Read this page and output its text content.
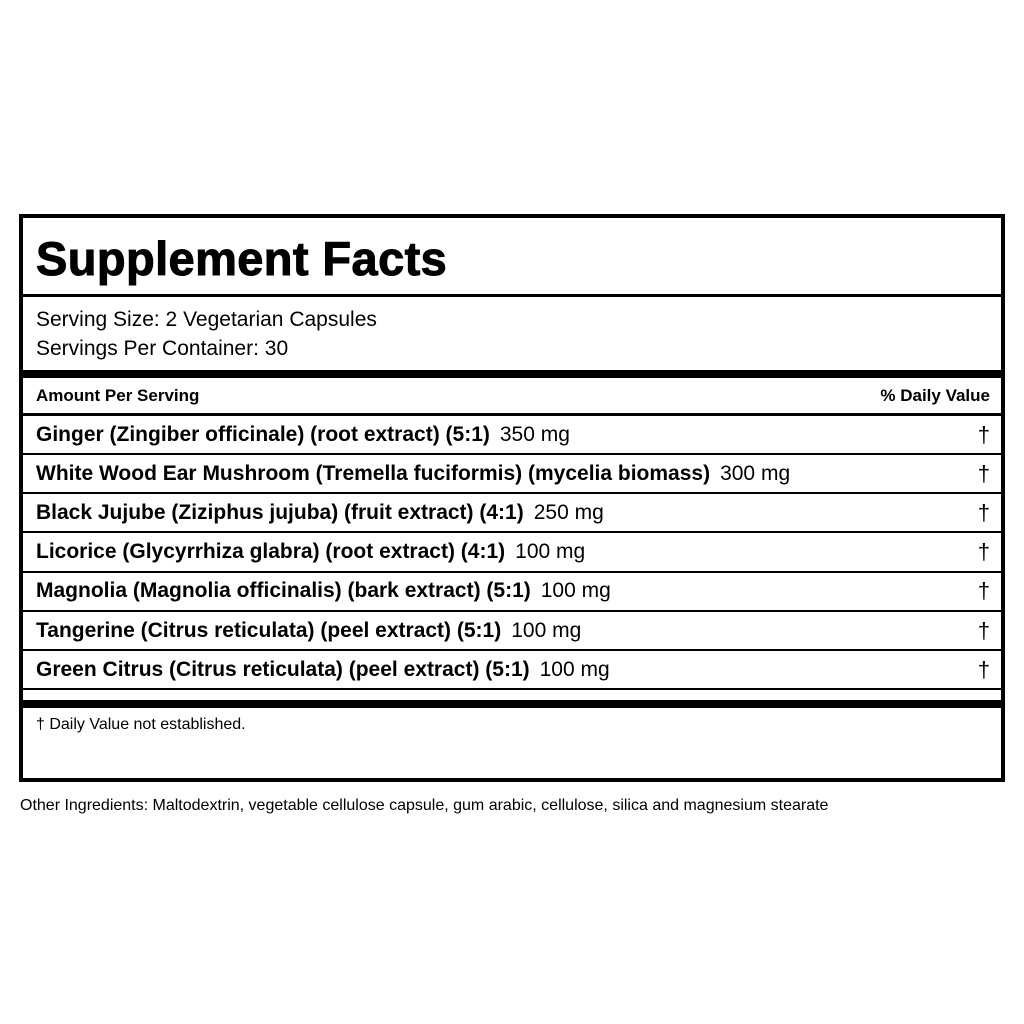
Supplement Facts
Serving Size: 2 Vegetarian Capsules
Servings Per Container: 30
Amount Per Serving	% Daily Value
Ginger (Zingiber officinale) (root extract) (5:1) 350 mg	†
White Wood Ear Mushroom (Tremella fuciformis) (mycelia biomass) 300 mg	†
Black Jujube (Ziziphus jujuba) (fruit extract) (4:1) 250 mg	†
Licorice (Glycyrrhiza glabra) (root extract) (4:1) 100 mg	†
Magnolia (Magnolia officinalis) (bark extract) (5:1) 100 mg	†
Tangerine (Citrus reticulata) (peel extract) (5:1) 100 mg	†
Green Citrus (Citrus reticulata) (peel extract) (5:1) 100 mg	†
† Daily Value not established.
Other Ingredients: Maltodextrin, vegetable cellulose capsule, gum arabic, cellulose, silica and magnesium stearate
